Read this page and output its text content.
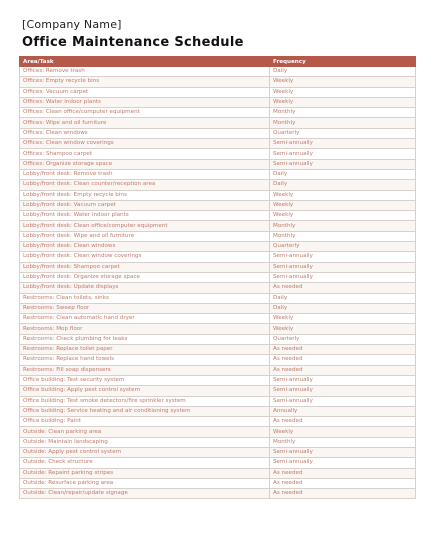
[Company Name]
Office Maintenance Schedule
Area/Task	Frequency
Offices: Remove trash	Daily
Offices: Empty recycle bins	Weekly
Offices: Vacuum carpet	Weekly
Offices: Water indoor plants	Weekly
Offices: Clean office/computer equipment	Monthly
Offices: Wipe and oil furniture	Monthly
Offices: Clean windows	Quarterly
Offices: Clean window coverings	Semi-annually
Offices: Shampoo carpet	Semi-annually
Offices: Organize storage space	Semi-annually
Lobby/front desk: Remove trash	Daily
Lobby/front desk: Clean counter/reception area	Daily
Lobby/front desk: Empty recycle bins	Weekly
Lobby/front desk: Vacuum carpet	Weekly
Lobby/front desk: Water indoor plants	Weekly
Lobby/front desk: Clean office/computer equipment	Monthly
Lobby/front desk: Wipe and oil furniture	Monthly
Lobby/front desk: Clean windows	Quarterly
Lobby/front desk: Clean window coverings	Semi-annually
Lobby/front desk: Shampoo carpet	Semi-annually
Lobby/front desk: Organize storage space	Semi-annually
Lobby/front desk: Update displays	As needed
Restrooms: Clean toilets, sinks	Daily
Restrooms: Sweep floor	Daily
Restrooms: Clean automatic hand dryer	Weekly
Restrooms: Mop floor	Weekly
Restrooms: Check plumbing for leaks	Quarterly
Restrooms: Replace toilet paper	As needed
Restrooms: Replace hand towels	As needed
Restrooms: Fill soap dispensers	As needed
Office building: Test security system	Semi-annually
Office building: Apply pest control system	Semi-annually
Office building: Test smoke detectors/fire sprinkler system	Semi-annually
Office building: Service heating and air conditioning system	Annually
Office building: Paint	As needed
Outside: Clean parking area	Weekly
Outside: Maintain landscaping	Monthly
Outside: Apply pest control system	Semi-annually
Outside: Check structure	Semi-annually
Outside: Repaint parking stripes	As needed
Outside: Resurface parking area	As needed
Outside: Clean/repair/update signage	As needed
